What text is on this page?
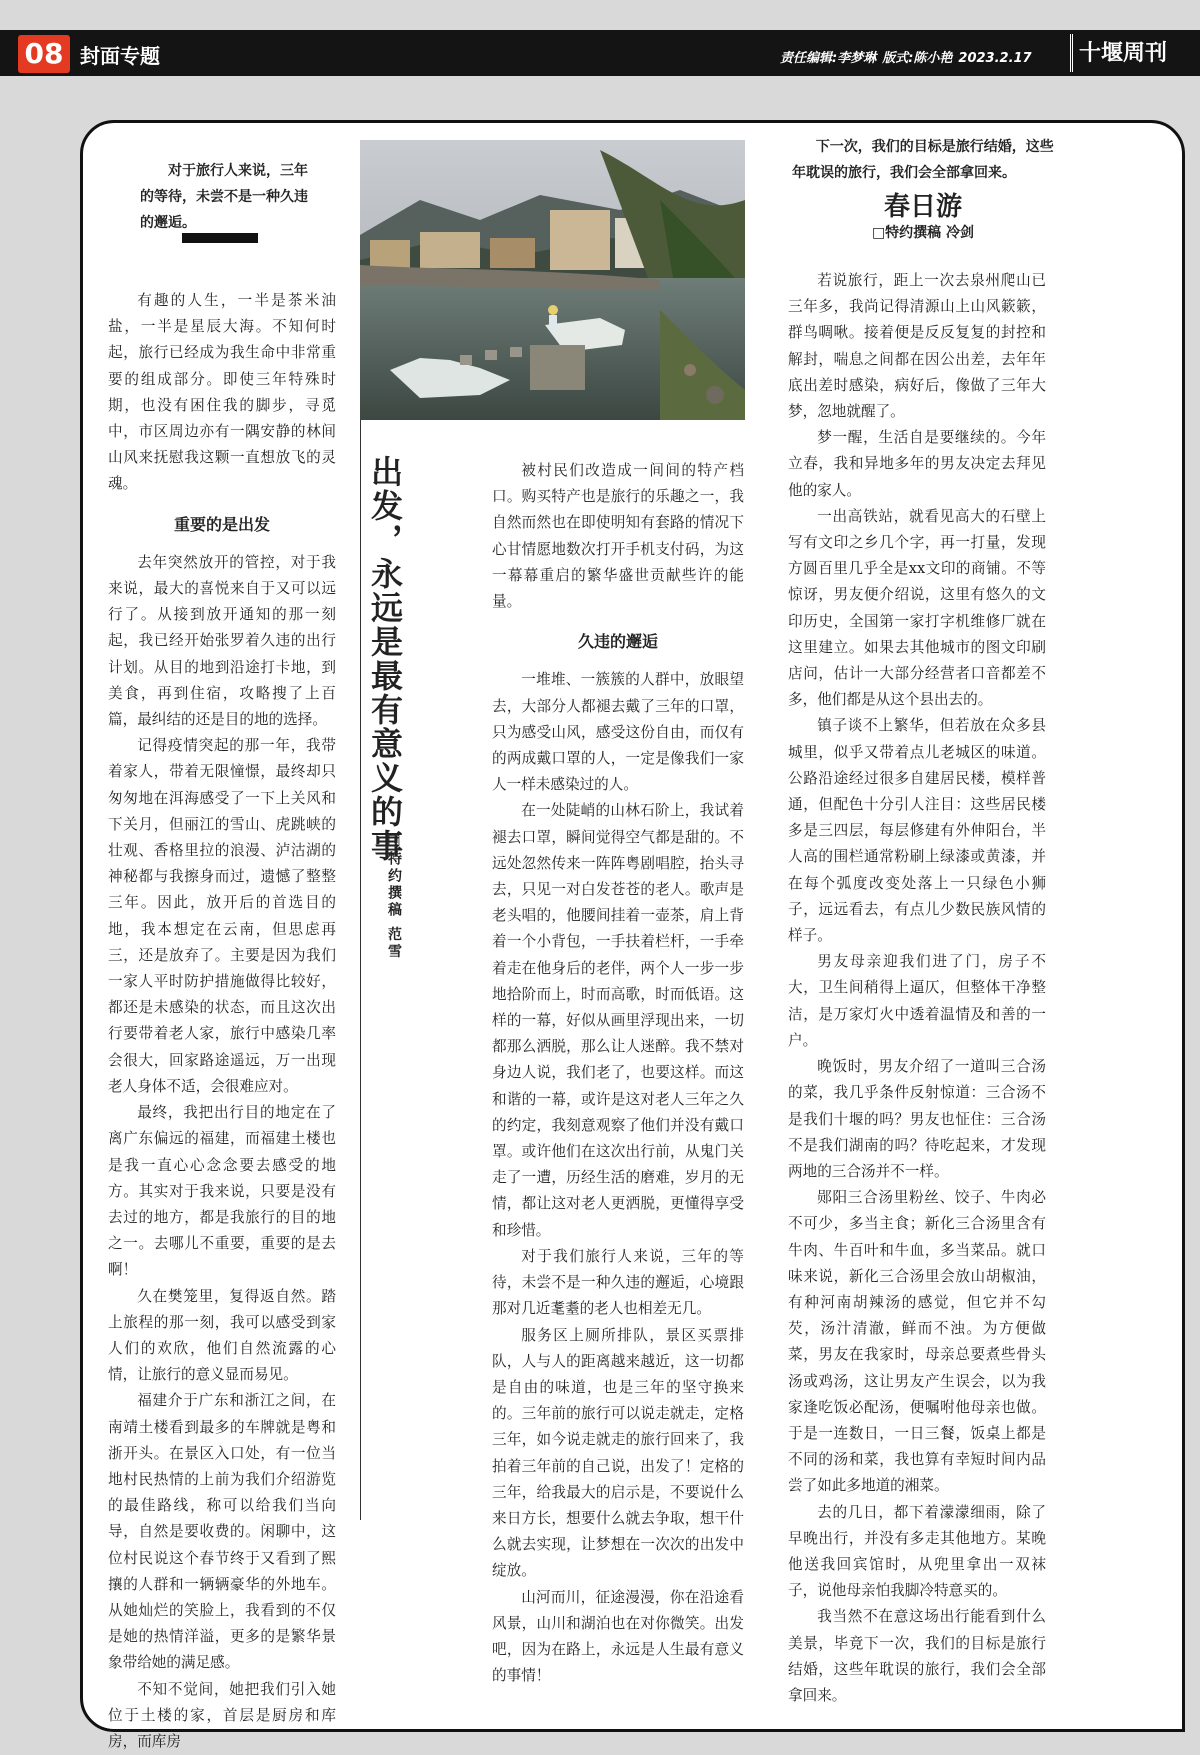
08 封面专题	责任编辑:李梦琳 版式:陈小艳 2023.2.17	十堰周刊
对于旅行人来说，三年的等待，未尝不是一种久违的邂逅。

有趣的人生，一半是茶米油盐，一半是星辰大海。不知何时起，旅行已经成为我生命中非常重要的组成部分。即使三年特殊时期，也没有困住我的脚步，寻觅中，市区周边亦有一隅安静的林间山风来抚慰我这颗一直想放飞的灵魂。

重要的是出发

去年突然放开的管控，对于我来说，最大的喜悦来自于又可以远行了。从接到放开通知的那一刻起，我已经开始张罗着久违的出行计划。从目的地到沿途打卡地，到美食，再到住宿，攻略搜了上百篇，最纠结的还是目的地的选择。

记得疫情突起的那一年，我带着家人，带着无限憧憬，最终却只匆匆地在洱海感受了一下上关风和下关月，但丽江的雪山、虎跳峡的壮观、香格里拉的浪漫、泸沽湖的神秘都与我擦身而过，遗憾了整整三年。因此，放开后的首选目的地，我本想定在云南，但思虑再三，还是放弃了。主要是因为我们一家人平时防护措施做得比较好，都还是未感染的状态，而且这次出行要带着老人家，旅行中感染几率会很大，回家路途遥远，万一出现老人身体不适，会很难应对。

最终，我把出行目的地定在了离广东偏远的福建，而福建土楼也是我一直心心念念要去感受的地方。其实对于我来说，只要是没有去过的地方，都是我旅行的目的地之一。去哪儿不重要，重要的是去啊！

久在樊笼里，复得返自然。踏上旅程的那一刻，我可以感受到家人们的欢欣，他们自然流露的心情，让旅行的意义显而易见。

福建介于广东和浙江之间，在南靖土楼看到最多的车牌就是粤和浙开头。在景区入口处，有一位当地村民热情的上前为我们介绍游览的最佳路线，称可以给我们当向导，自然是要收费的。闲聊中，这位村民说这个春节终于又看到了熙攘的人群和一辆辆豪华的外地车。从她灿烂的笑脸上，我看到的不仅是她的热情洋溢，更多的是繁华景象带给她的满足感。

不知不觉间，她把我们引入她位于土楼的家，首层是厨房和库房，而库房

出发，永远是最有意义的事
□特约撰稿 范雪

被村民们改造成一间间的特产档口。购买特产也是旅行的乐趣之一，我自然而然也在即使明知有套路的情况下心甘情愿地数次打开手机支付码，为这一幕幕重启的繁华盛世贡献些许的能量。

久违的邂逅

一堆堆、一簇簇的人群中，放眼望去，大部分人都褪去戴了三年的口罩，只为感受山风，感受这份自由，而仅有的两成戴口罩的人，一定是像我们一家人一样未感染过的人。

在一处陡峭的山林石阶上，我试着褪去口罩，瞬间觉得空气都是甜的。不远处忽然传来一阵阵粤剧唱腔，抬头寻去，只见一对白发苍苍的老人。歌声是老头唱的，他腰间挂着一壶茶，肩上背着一个小背包，一手扶着栏杆，一手牵着走在他身后的老伴，两个人一步一步地拾阶而上，时而高歌，时而低语。这样的一幕，好似从画里浮现出来，一切都那么洒脱，那么让人迷醉。我不禁对身边人说，我们老了，也要这样。而这和谐的一幕，或许是这对老人三年之久的约定，我刻意观察了他们并没有戴口罩。或许他们在这次出行前，从鬼门关走了一遭，历经生活的磨难，岁月的无情，都让这对老人更洒脱，更懂得享受和珍惜。

对于我们旅行人来说，三年的等待，未尝不是一种久违的邂逅，心境跟那对几近耄耋的老人也相差无几。

服务区上厕所排队，景区买票排队，人与人的距离越来越近，这一切都是自由的味道，也是三年的坚守换来的。三年前的旅行可以说走就走，定格三年，如今说走就走的旅行回来了，我拍着三年前的自己说，出发了！定格的三年，给我最大的启示是，不要说什么来日方长，想要什么就去争取，想干什么就去实现，让梦想在一次次的出发中绽放。

山河而川，征途漫漫，你在沿途看风景，山川和湖泊也在对你微笑。出发吧，因为在路上，永远是人生最有意义的事情！

下一次，我们的目标是旅行结婚，这些年耽误的旅行，我们会全部拿回来。
春日游
□特约撰稿 冷剑

若说旅行，距上一次去泉州爬山已三年多，我尚记得清源山上山风簌簌，群鸟啁啾。接着便是反反复复的封控和解封，喘息之间都在因公出差，去年年底出差时感染，病好后，像做了三年大梦，忽地就醒了。

梦一醒，生活自是要继续的。今年立春，我和异地多年的男友决定去拜见他的家人。

一出高铁站，就看见高大的石壁上写有文印之乡几个字，再一打量，发现方圆百里几乎全是xx文印的商铺。不等惊讶，男友便介绍说，这里有悠久的文印历史，全国第一家打字机维修厂就在这里建立。如果去其他城市的图文印刷店问，估计一大部分经营者口音都差不多，他们都是从这个县出去的。

镇子谈不上繁华，但若放在众多县城里，似乎又带着点儿老城区的味道。公路沿途经过很多自建居民楼，模样普通，但配色十分引人注目：这些居民楼多是三四层，每层修建有外伸阳台，半人高的围栏通常粉刷上绿漆或黄漆，并在每个弧度改变处落上一只绿色小狮子，远远看去，有点儿少数民族风情的样子。

男友母亲迎我们进了门，房子不大，卫生间稍得上逼仄，但整体干净整洁，是万家灯火中透着温情及和善的一户。

晚饭时，男友介绍了一道叫三合汤的菜，我几乎条件反射惊道：三合汤不是我们十堰的吗？男友也怔住：三合汤不是我们湖南的吗？待吃起来，才发现两地的三合汤并不一样。

郧阳三合汤里粉丝、饺子、牛肉必不可少，多当主食；新化三合汤里含有牛肉、牛百叶和牛血，多当菜品。就口味来说，新化三合汤里会放山胡椒油，有种河南胡辣汤的感觉，但它并不勾芡，汤汁清澈，鲜而不浊。为方便做菜，男友在我家时，母亲总要煮些骨头汤或鸡汤，这让男友产生误会，以为我家逢吃饭必配汤，便嘱咐他母亲也做。于是一连数日，一日三餐，饭桌上都是不同的汤和菜，我也算有幸短时间内品尝了如此多地道的湘菜。

去的几日，都下着濛濛细雨，除了早晚出行，并没有多走其他地方。某晚他送我回宾馆时，从兜里拿出一双袜子，说他母亲怕我脚冷特意买的。

我当然不在意这场出行能看到什么美景，毕竟下一次，我们的目标是旅行结婚，这些年耽误的旅行，我们会全部拿回来。
